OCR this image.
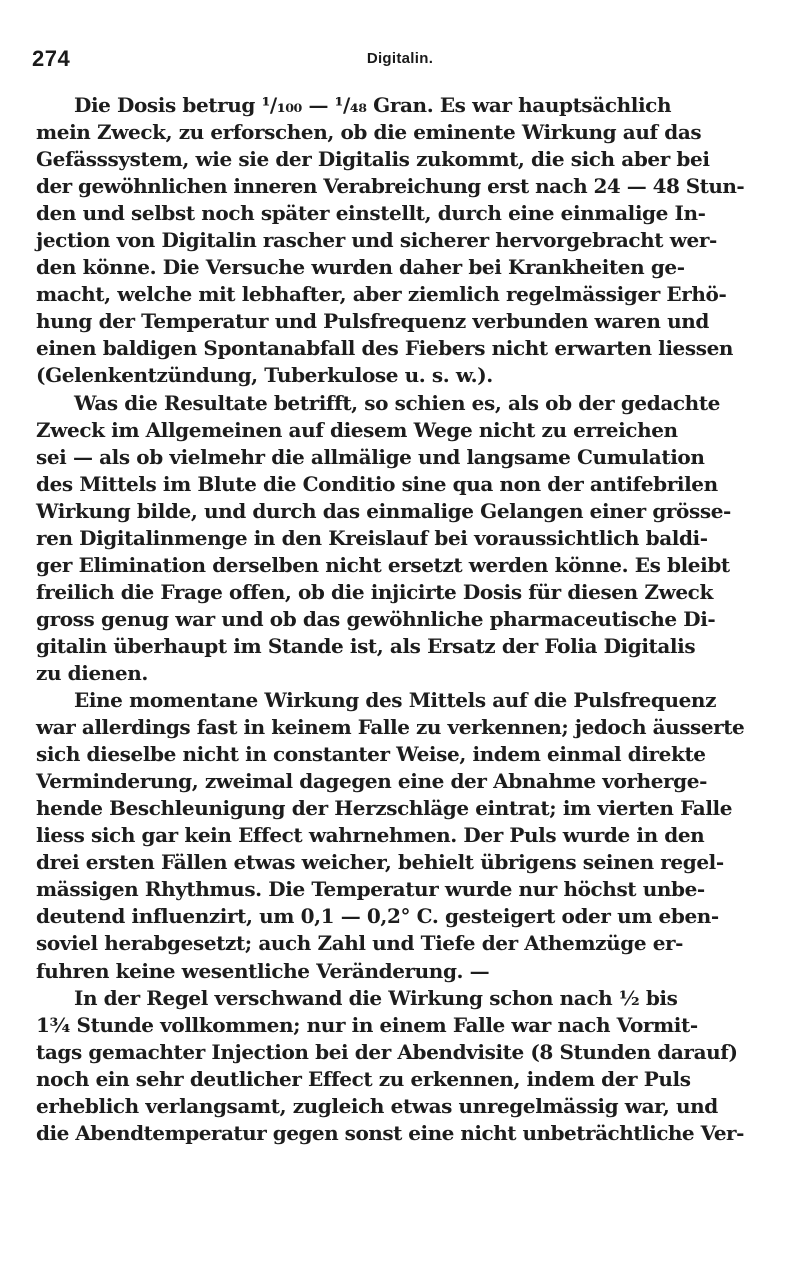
274	Digitalin.
Die Dosis betrug ¹/₁₀₀ — ¹/₄₈ Gran. Es war hauptsächlich
mein Zweck, zu erforschen, ob die eminente Wirkung auf das
Gefässsystem, wie sie der Digitalis zukommt, die sich aber bei
der gewöhnlichen inneren Verabreichung erst nach 24 — 48 Stun-
den und selbst noch später einstellt, durch eine einmalige In-
jection von Digitalin rascher und sicherer hervorgebracht wer-
den könne. Die Versuche wurden daher bei Krankheiten ge-
macht, welche mit lebhafter, aber ziemlich regelmässiger Erhö-
hung der Temperatur und Pulsfrequenz verbunden waren und
einen baldigen Spontanabfall des Fiebers nicht erwarten liessen
(Gelenkentzündung, Tuberkulose u. s. w.).
Was die Resultate betrifft, so schien es, als ob der gedachte
Zweck im Allgemeinen auf diesem Wege nicht zu erreichen
sei — als ob vielmehr die allmälige und langsame Cumulation
des Mittels im Blute die Conditio sine qua non der antifebrilen
Wirkung bilde, und durch das einmalige Gelangen einer grösse-
ren Digitalinmenge in den Kreislauf bei voraussichtlich baldi-
ger Elimination derselben nicht ersetzt werden könne. Es bleibt
freilich die Frage offen, ob die injicirte Dosis für diesen Zweck
gross genug war und ob das gewöhnliche pharmaceutische Di-
gitalin überhaupt im Stande ist, als Ersatz der Folia Digitalis
zu dienen.
Eine momentane Wirkung des Mittels auf die Pulsfrequenz
war allerdings fast in keinem Falle zu verkennen; jedoch äusserte
sich dieselbe nicht in constanter Weise, indem einmal direkte
Verminderung, zweimal dagegen eine der Abnahme vorherge-
hende Beschleunigung der Herzschläge eintrat; im vierten Falle
liess sich gar kein Effect wahrnehmen. Der Puls wurde in den
drei ersten Fällen etwas weicher, behielt übrigens seinen regel-
mässigen Rhythmus. Die Temperatur wurde nur höchst unbe-
deutend influenzirt, um 0,1 — 0,2° C. gesteigert oder um eben-
soviel herabgesetzt; auch Zahl und Tiefe der Athemzüge er-
fuhren keine wesentliche Veränderung. —
In der Regel verschwand die Wirkung schon nach ½ bis
1¾ Stunde vollkommen; nur in einem Falle war nach Vormit-
tags gemachter Injection bei der Abendvisite (8 Stunden darauf)
noch ein sehr deutlicher Effect zu erkennen, indem der Puls
erheblich verlangsamt, zugleich etwas unregelmässig war, und
die Abendtemperatur gegen sonst eine nicht unbeträchtliche Ver-
